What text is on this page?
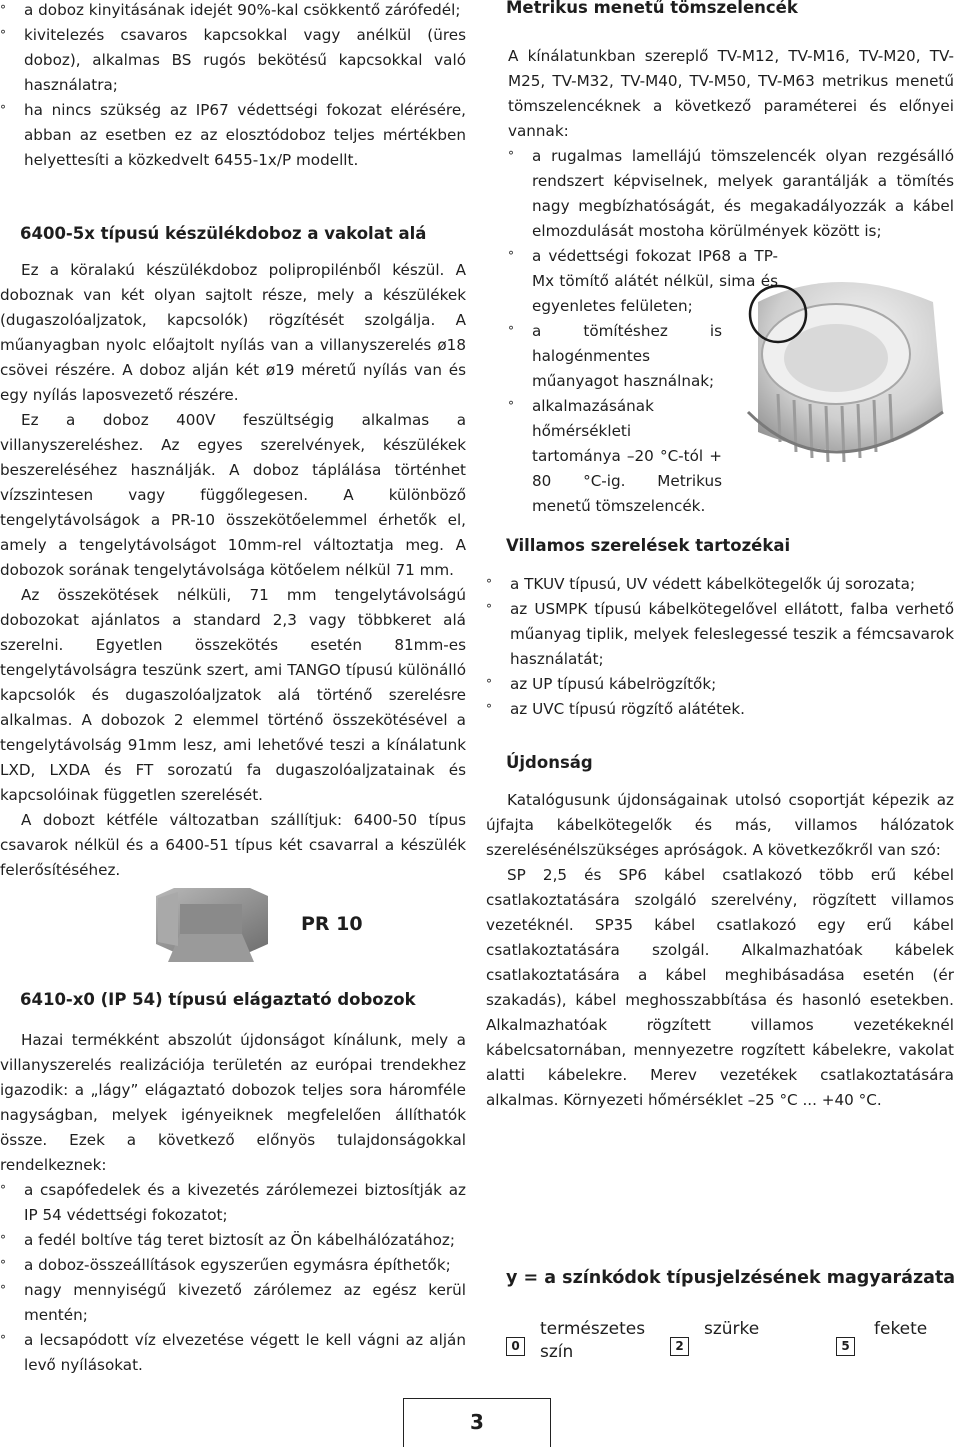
° a doboz kinyitásának idejét 90%-kal csökkentő zárófedél;
° kivitelezés csavaros kapcsokkal vagy anélkül (üres doboz), alkalmas BS rugós bekötésű kapcsokkal való használatra;
° ha nincs szükség az IP67 védettségi fokozat elérésére, abban az esetben ez az elosztódoboz teljes mértékben helyettesíti a közkedvelt 6455-1x/P modellt.
6400-5x típusú készülékdoboz a vakolat alá

Ez a köralakú készülékdoboz polipropilénből készül. A doboznak van két olyan sajtolt része, mely a készülékek (dugaszolóaljzatok, kapcsolók) rögzítését szolgálja. A műanyagban nyolc előajtolt nyílás van a villanyszerelés ø18 csövei részére. A doboz alján két ø19 méretű nyílás van és egy nyílás laposvezető részére.

Ez a doboz 400V feszültségig alkalmas a villanyszereléshez. Az egyes szerelvények, készülékek beszereléséhez használják. A doboz táplálása történhet vízszintesen vagy függőlegesen. A különböző tengelytávolságok a PR-10 összekötőelemmel érhetők el, amely a tengelytávolságot 10mm-rel változtatja meg. A dobozok sorának tengelytávolsága kötőelem nélkül 71 mm.

Az összekötések nélküli, 71 mm tengelytávolságú dobozokat ajánlatos a standard 2,3 vagy többkeret alá szerelni. Egyetlen összekötés esetén 81mm-es tengelytávolságra teszünk szert, ami TANGO típusú különálló kapcsolók és dugaszolóaljzatok alá történő szerelésre alkalmas. A dobozok 2 elemmel történő összekötésével a tengelytávolság 91mm lesz, ami lehetővé teszi a kínálatunk LXD, LXDA és FT sorozatú fa dugaszolóaljzatainak és kapcsolóinak független szerelését.

A dobozt kétféle változatban szállítjuk: 6400-50 típus csavarok nélkül és a 6400-51 típus két csavarral a készülék felerősítéséhez.

PR 10
6410-x0 (IP 54) típusú elágaztató dobozok

Hazai termékként abszolút újdonságot kínálunk, mely a villanyszerelés realizációja területén az európai trendekhez igazodik: a „lágy” elágaztató dobozok teljes sora háromféle nagyságban, melyek igényeiknek megfelelően állíthatók össze. Ezek a következő előnyös tulajdonságokkal rendelkeznek:

° a csapófedelek és a kivezetés zárólemezei biztosítják az IP 54 védettségi fokozatot;
° a fedél boltíve tág teret biztosít az Ön kábelhálózatához;
° a doboz-összeállítások egyszerűen egymásra építhetők;
° nagy mennyiségű kivezető zárólemez az egész kerül mentén;
° a lecsapódott víz elvezetése végett le kell vágni az alján levő nyílásokat.
Metrikus menetű tömszelencék

A kínálatunkban szereplő TV-M12, TV-M16, TV-M20, TV-M25, TV-M32, TV-M40, TV-M50, TV-M63 metrikus menetű tömszelencéknek a következő paraméterei és előnyei vannak:

° a rugalmas lamellájú tömszelencék olyan rezgésálló rendszert képviselnek, melyek garantálják a tömítés nagy megbízhatóságát, és megakadályozzák a kábel elmozdulását mostoha körülmények között is;
° a védettségi fokozat IP68 a TP-Mx tömítő alátét nélkül, sima és egyenletes felületen;
° a tömítéshez is halogénmentes műanyagot használnak;
° alkalmazásának hőmérsékleti tartománya –20 °C-tól + 80 °C-ig. Metrikus menetű tömszelencék.
Villamos szerelések tartozékai
° a TKUV típusú, UV védett kábelkötegelők új sorozata;
° az USMPK típusú kábelkötegelővel ellátott, falba verhető műanyag tiplik, melyek feleslegessé teszik a fémcsavarok használatát;
° az UP típusú kábelrögzítők;
° az UVC típusú rögzítő alátétek.
Újdonság

Katalógusunk újdonságainak utolsó csoportját képezik az újfajta kábelkötegelők és más, villamos hálózatok szerelésénélszükséges apróságok. A következőkről van szó:

SP 2,5 és SP6 kábel csatlakozó több erű kébel csatlakoztatására szolgáló szerelvény, rögzített villamos vezetéknél. SP35 kábel csatlakozó egy erű kábel csatlakoztatására szolgál. Alkalmazhatóak kábelek csatlakoztatására a kábel meghibásadása esetén (ér szakadás), kábel meghosszabbítása és hasonló esetekben. Alkalmazhatóak rögzített villamos vezetékeknél kábelcsatornában, mennyezetre rogzített kábelekre, vakolat alatti kábelekre. Merev vezetékek csatlakoztatására alkalmas. Környezeti hőmérséklet –25 °C ... +40 °C.

y = a színkódok típusjelzésének magyarázata
0
természetes szín	2
szürke
5
fekete
3
